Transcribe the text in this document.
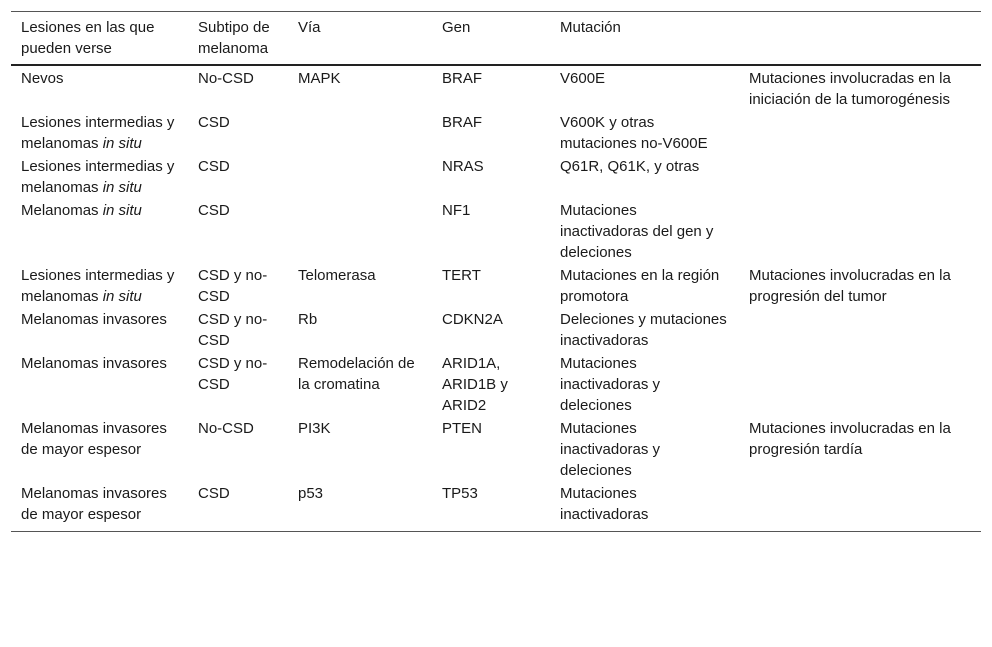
Lesiones en las que pueden verse	Subtipo de melanoma	Vía	Gen	Mutación	
Nevos	No-CSD	MAPK	BRAF	V600E	Mutaciones involucradas en la iniciación de la tumorogénesis
Lesiones intermedias y melanomas in situ	CSD		BRAF	V600K y otras mutaciones no-V600E	
Lesiones intermedias y melanomas in situ	CSD		NRAS	Q61R, Q61K, y otras	
Melanomas in situ	CSD		NF1	Mutaciones inactivadoras del gen y deleciones	
Lesiones intermedias y melanomas in situ	CSD y no-CSD	Telomerasa	TERT	Mutaciones en la región promotora	Mutaciones involucradas en la progresión del tumor
Melanomas invasores	CSD y no-CSD	Rb	CDKN2A	Deleciones y mutaciones inactivadoras	
Melanomas invasores	CSD y no-CSD	Remodelación de la cromatina	ARID1A, ARID1B y ARID2	Mutaciones inactivadoras y deleciones	
Melanomas invasores de mayor espesor	No-CSD	PI3K	PTEN	Mutaciones inactivadoras y deleciones	Mutaciones involucradas en la progresión tardía
Melanomas invasores de mayor espesor	CSD	p53	TP53	Mutaciones inactivadoras	
